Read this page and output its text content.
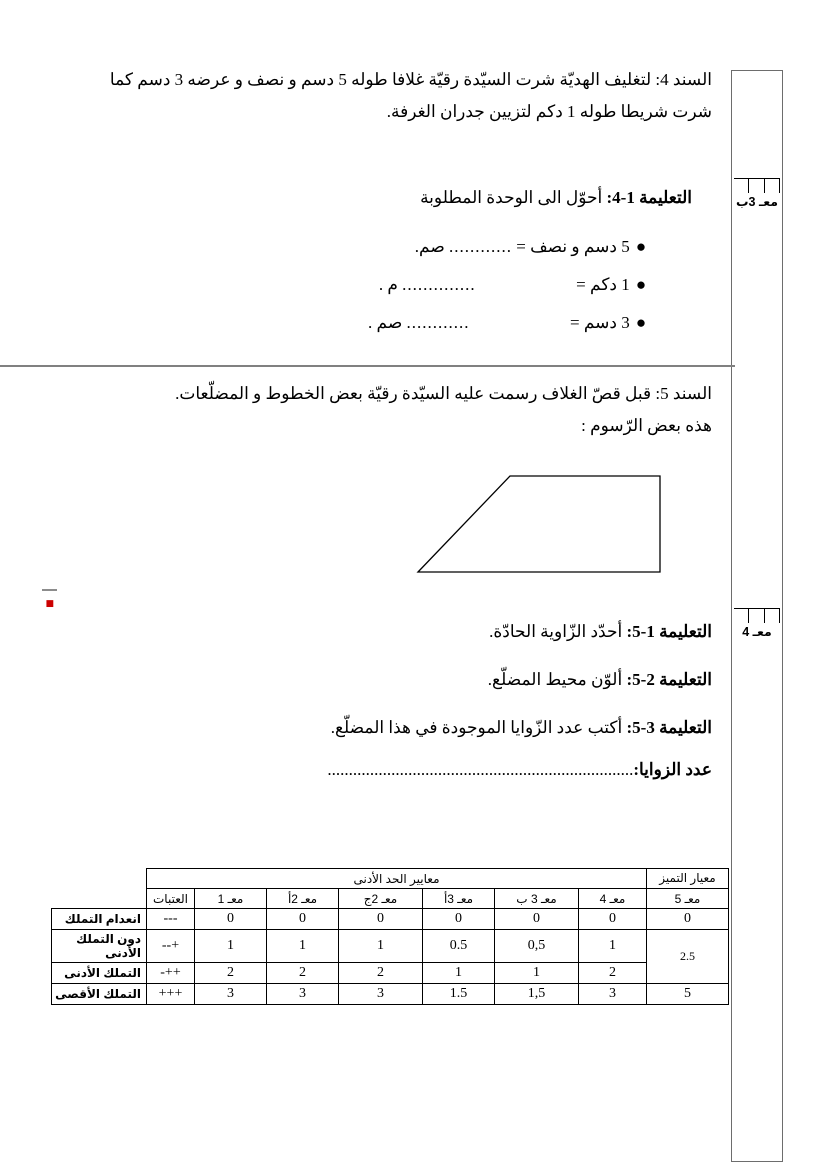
معـ 3ب
معـ 4
السند 4: لتغليف الهديّة شرت السيّدة رقيّة غلافا طوله 5 دسم و نصف و عرضه 3 دسم كما شرت شريطا طوله 1 دكم لتزيين جدران الغرفة.
التعليمة 1-4: أحوّل الى الوحدة المطلوبة
● 5 دسم و نصف = ............ صم.
● 1 دكم =  .............. م .
● 3 دسم =  ............ صم .
السند 5: قبل قصّ الغلاف رسمت عليه السيّدة رقيّة بعض الخطوط و المضلّعات.
هذه بعض الرّسوم :
■
التعليمة 1-5: أحدّد الزّاوية الحادّة.
التعليمة 2-5: ألوّن محيط المضلّع.
التعليمة 3-5: أكتب عدد الزّوايا الموجودة في هذا المضلّع.
عدد الزوايا:........................................................................
معيار التميز	معايير الحد الأدنى							
معـ 5	معـ 4	معـ 3 ب	معـ 3أ	معـ 2ج	معـ 2أ	معـ 1	العتبات	
0	0	0	0	0	0	0	---	انعدام التملك
2.5	1	0,5	0.5	1	1	1	+--	دون التملك الأدنى
	2	1	1	2	2	2	++-	التملك الأدنى
5	3	1,5	1.5	3	3	3	+++	التملك الأقصى
